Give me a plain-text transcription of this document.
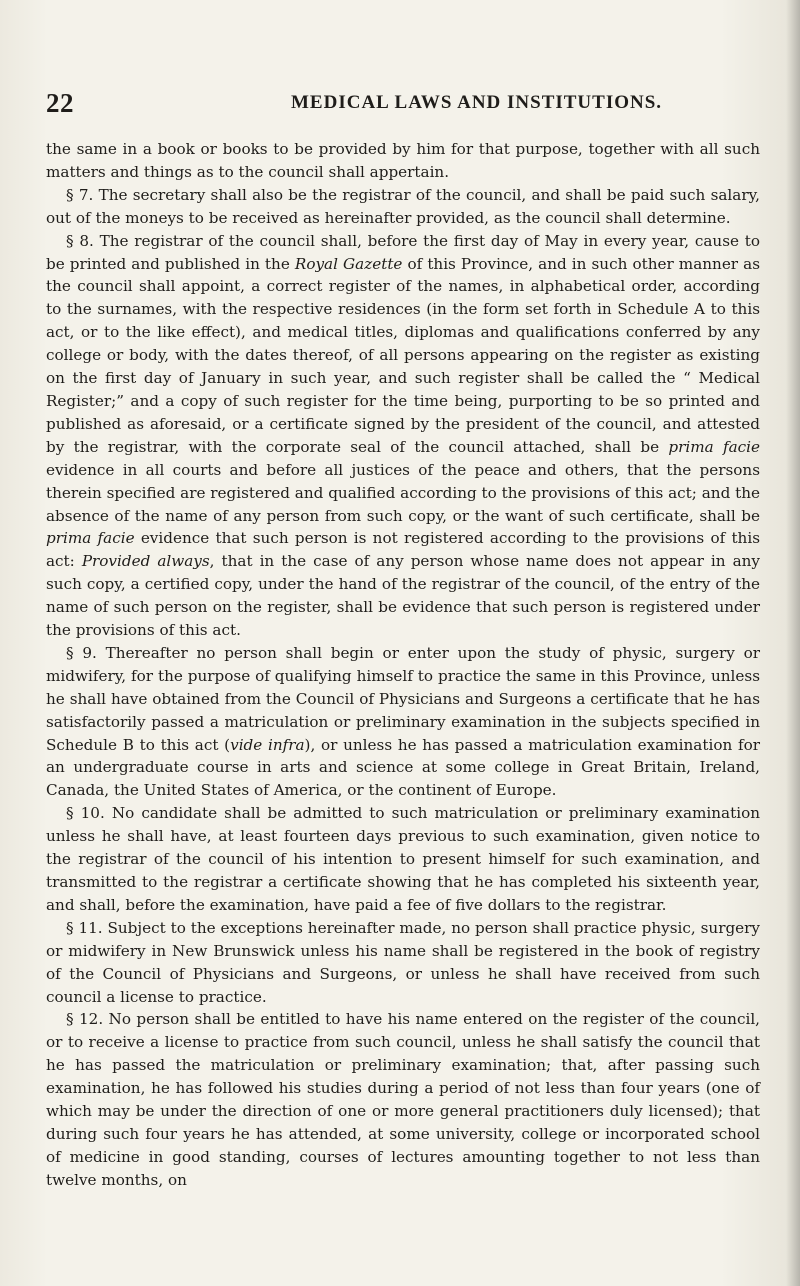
22	MEDICAL LAWS AND INSTITUTIONS.

the same in a book or books to be provided by him for that purpose, together with all such matters and things as to the council shall appertain.

§ 7. The secretary shall also be the registrar of the council, and shall be paid such salary, out of the moneys to be received as hereinafter provided, as the council shall determine.

§ 8. The registrar of the council shall, before the first day of May in every year, cause to be printed and published in the Royal Gazette of this Province, and in such other manner as the council shall appoint, a correct register of the names, in alphabetical order, according to the surnames, with the respective residences (in the form set forth in Schedule A to this act, or to the like effect), and medical titles, diplomas and qualifications conferred by any college or body, with the dates thereof, of all persons appearing on the register as existing on the first day of January in such year, and such register shall be called the “ Medical Register;” and a copy of such register for the time being, purporting to be so printed and published as aforesaid, or a certificate signed by the president of the council, and attested by the registrar, with the corporate seal of the council attached, shall be prima facie evidence in all courts and before all justices of the peace and others, that the persons therein specified are registered and qualified according to the provisions of this act; and the absence of the name of any person from such copy, or the want of such certificate, shall be prima facie evidence that such person is not registered according to the provisions of this act: Provided always, that in the case of any person whose name does not appear in any such copy, a certified copy, under the hand of the registrar of the council, of the entry of the name of such person on the register, shall be evidence that such person is registered under the provisions of this act.

§ 9. Thereafter no person shall begin or enter upon the study of physic, surgery or midwifery, for the purpose of qualifying himself to practice the same in this Province, unless he shall have obtained from the Council of Physicians and Surgeons a certificate that he has satisfactorily passed a matriculation or preliminary examination in the subjects specified in Schedule B to this act (vide infra), or unless he has passed a matriculation examination for an undergraduate course in arts and science at some college in Great Britain, Ireland, Canada, the United States of America, or the continent of Europe.

§ 10. No candidate shall be admitted to such matriculation or preliminary examination unless he shall have, at least fourteen days previous to such examination, given notice to the registrar of the council of his intention to present himself for such examination, and transmitted to the registrar a certificate showing that he has completed his sixteenth year, and shall, before the examination, have paid a fee of five dollars to the registrar.

§ 11. Subject to the exceptions hereinafter made, no person shall practice physic, surgery or midwifery in New Brunswick unless his name shall be registered in the book of registry of the Council of Physicians and Surgeons, or unless he shall have received from such council a license to practice.

§ 12. No person shall be entitled to have his name entered on the register of the council, or to receive a license to practice from such council, unless he shall satisfy the council that he has passed the matriculation or preliminary examination; that, after passing such examination, he has followed his studies during a period of not less than four years (one of which may be under the direction of one or more general practitioners duly licensed); that during such four years he has attended, at some university, college or incorporated school of medicine in good standing, courses of lectures amounting together to not less than twelve months, on
